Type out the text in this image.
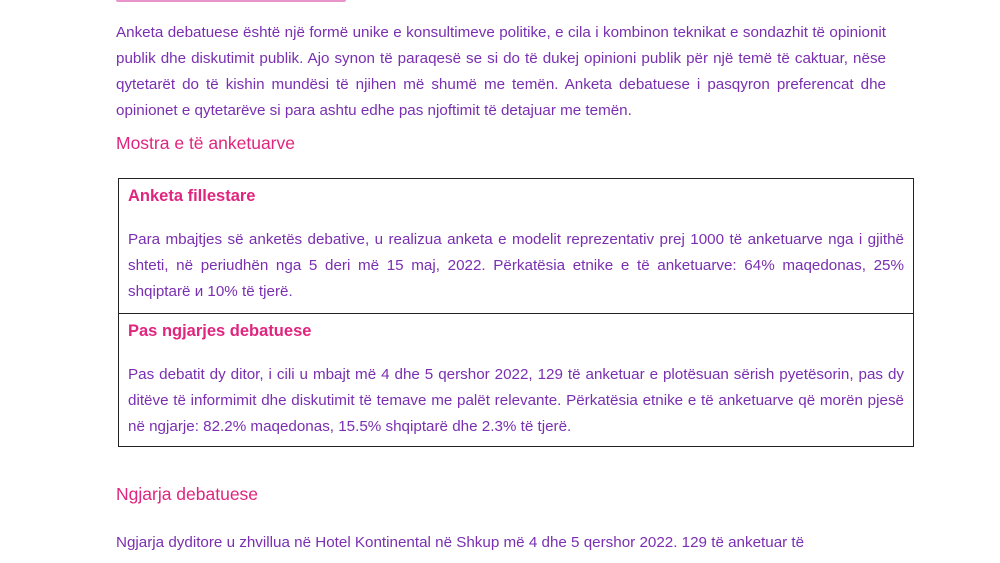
Anketa debatuese është një formë unike e konsultimeve politike, e cila i kombinon teknikat e sondazhit të opinionit publik dhe diskutimit publik. Ajo synon të paraqesë se si do të dukej opinioni publik për një temë të caktuar, nëse qytetarët do të kishin mundësi të njihen më shumë me temën. Anketa debatuese i pasqyron preferencat dhe opinionet e qytetarëve si para ashtu edhe pas njoftimit të detajuar me temën.

Mostra e të anketuarve
Anketa fillestare

Para mbajtjes së anketës debative, u realizua anketa e modelit reprezentativ prej 1000 të anketuarve nga i gjithë shteti, në periudhën nga 5 deri më 15 maj, 2022. Përkatësia etnike e të anketuarve: 64% maqedonas, 25% shqiptarë и 10% të tjerë.

Pas ngjarjes debatuese

Pas debatit dy ditor, i cili u mbajt më 4 dhe 5 qershor 2022, 129 të anketuar e plotësuan sërish pyetësorin, pas dy ditëve të informimit dhe diskutimit të temave me palët relevante. Përkatësia etnike e të anketuarve që morën pjesë në ngjarje: 82.2% maqedonas, 15.5% shqiptarë dhe 2.3% të tjerë.

Ngjarja debatuese

Ngjarja dyditore u zhvillua në Hotel Kontinental në Shkup më 4 dhe 5 qershor 2022. 129 të anketuar të
